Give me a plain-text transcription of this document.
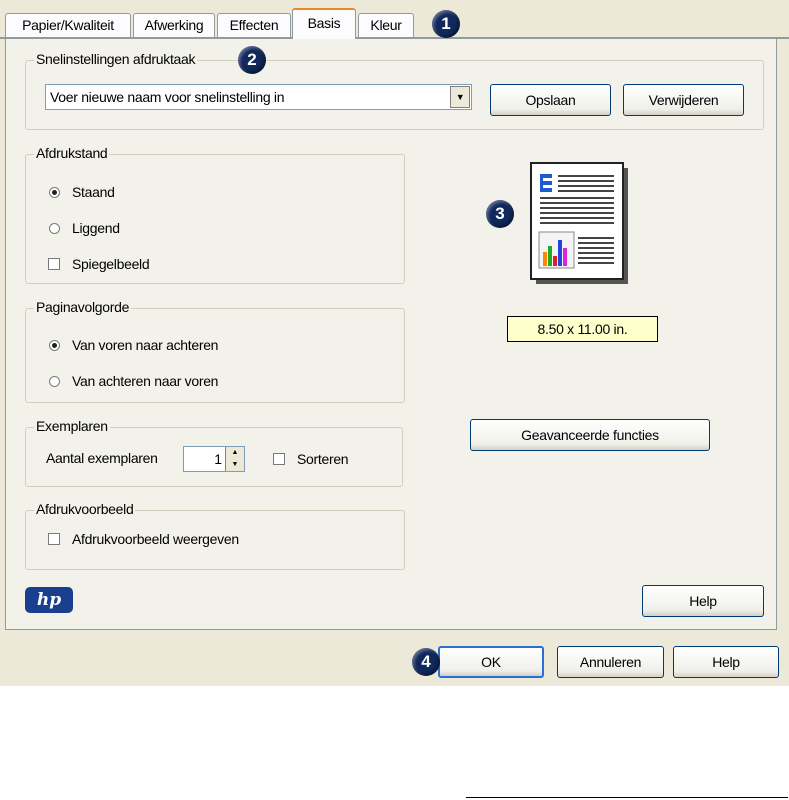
Papier/Kwaliteit	Afwerking	Effecten	Basis	Kleur	1
Snelinstellingen afdruktaak	2
Voer nieuwe naam voor snelinstelling in	▼	Opslaan	Verwijderen
Afdrukstand
Staand
Liggend
Spiegelbeeld
Paginavolgorde
Van voren naar achteren
Van achteren naar voren
Exemplaren
Aantal exemplaren	1	▲
▼	Sorteren
Afdrukvoorbeeld
Afdrukvoorbeeld weergeven
3
8.50 x 11.00 in.
Geavanceerde functies
hp	Help
4	OK	Annuleren	Help
